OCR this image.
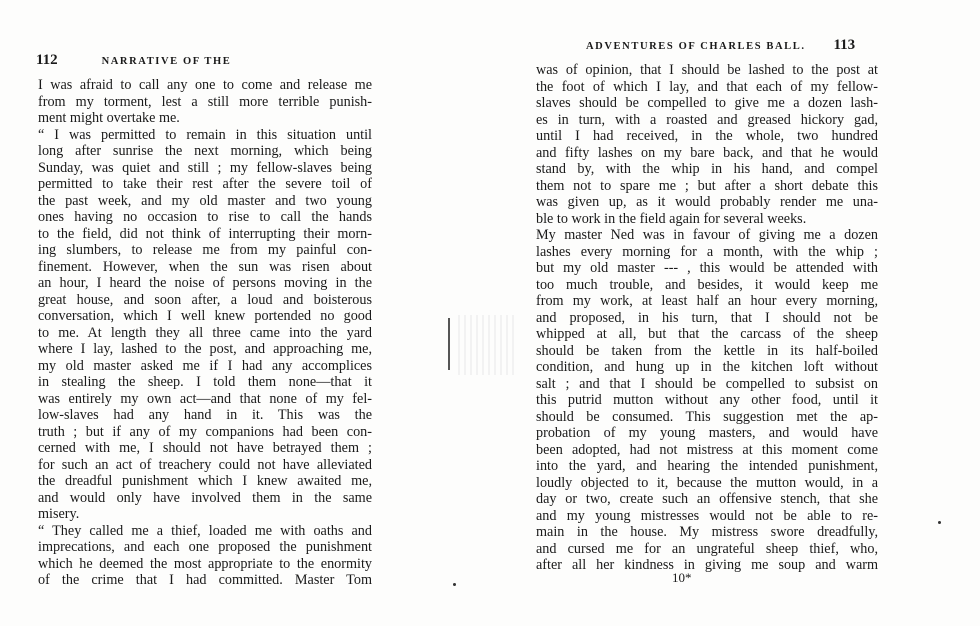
112	NARRATIVE OF THE
I was afraid to call any one to come and release me
from my torment, lest a still more terrible punish-
ment might overtake me.
“ I was permitted to remain in this situation until
long after sunrise the next morning, which being
Sunday, was quiet and still ; my fellow-slaves being
permitted to take their rest after the severe toil of
the past week, and my old master and two young
ones having no occasion to rise to call the hands
to the field, did not think of interrupting their morn-
ing slumbers, to release me from my painful con-
finement. However, when the sun was risen about
an hour, I heard the noise of persons moving in the
great house, and soon after, a loud and boisterous
conversation, which I well knew portended no good
to me. At length they all three came into the yard
where I lay, lashed to the post, and approaching me,
my old master asked me if I had any accomplices
in stealing the sheep. I told them none—that it
was entirely my own act—and that none of my fel-
low-slaves had any hand in it. This was the
truth ; but if any of my companions had been con-
cerned with me, I should not have betrayed them ;
for such an act of treachery could not have alleviated
the dreadful punishment which I knew awaited me,
and would only have involved them in the same
misery.
“ They called me a thief, loaded me with oaths and
imprecations, and each one proposed the punishment
which he deemed the most appropriate to the enormity
of the crime that I had committed. Master Tom
ADVENTURES OF CHARLES BALL. 113
was of opinion, that I should be lashed to the post at
the foot of which I lay, and that each of my fellow-
slaves should be compelled to give me a dozen lash-
es in turn, with a roasted and greased hickory gad,
until I had received, in the whole, two hundred
and fifty lashes on my bare back, and that he would
stand by, with the whip in his hand, and compel
them not to spare me ; but after a short debate this
was given up, as it would probably render me una-
ble to work in the field again for several weeks.
My master Ned was in favour of giving me a dozen
lashes every morning for a month, with the whip ;
but my old master ‐‐‐ , this would be attended with
too much trouble, and besides, it would keep me
from my work, at least half an hour every morning,
and proposed, in his turn, that I should not be
whipped at all, but that the carcass of the sheep
should be taken from the kettle in its half-boiled
condition, and hung up in the kitchen loft without
salt ; and that I should be compelled to subsist on
this putrid mutton without any other food, until it
should be consumed. This suggestion met the ap-
probation of my young masters, and would have
been adopted, had not mistress at this moment come
into the yard, and hearing the intended punishment,
loudly objected to it, because the mutton would, in a
day or two, create such an offensive stench, that she
and my young mistresses would not be able to re-
main in the house. My mistress swore dreadfully,
and cursed me for an ungrateful sheep thief, who,
after all her kindness in giving me soup and warm
10*
